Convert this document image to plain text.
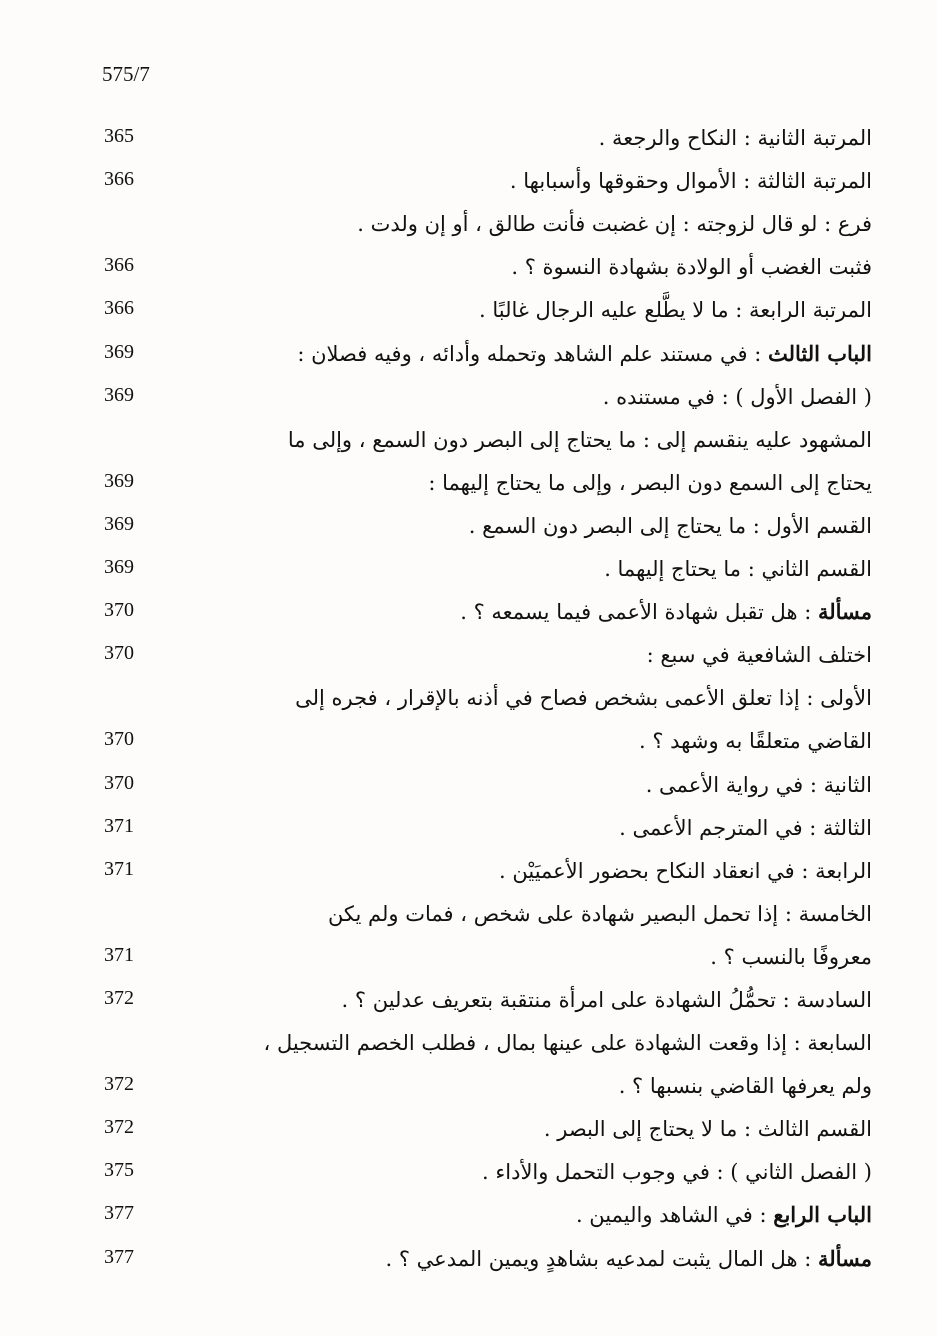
575/7
المرتبة الثانية : النكاح والرجعة .
365
المرتبة الثالثة : الأموال وحقوقها وأسبابها .
366
فرع : لو قال لزوجته : إن غضبت فأنت طالق ، أو إن ولدت .
فثبت الغضب أو الولادة بشهادة النسوة ؟ .
366
المرتبة الرابعة : ما لا يطَّلع عليه الرجال غالبًا .
366
الباب الثالث : في مستند علم الشاهد وتحمله وأدائه ، وفيه فصلان :
369
( الفصل الأول ) : في مستنده .
369
المشهود عليه ينقسم إلى : ما يحتاج إلى البصر دون السمع ، وإلى ما
يحتاج إلى السمع دون البصر ، وإلى ما يحتاج إليهما :
369
القسم الأول : ما يحتاج إلى البصر دون السمع .
369
القسم الثاني : ما يحتاج إليهما .
369
مسألة : هل تقبل شهادة الأعمى فيما يسمعه ؟ .
370
اختلف الشافعية في سبع :
370
الأولى : إذا تعلق الأعمى بشخص فصاح في أذنه بالإقرار ، فجره إلى
القاضي متعلقًا به وشهد ؟ .
370
الثانية : في رواية الأعمى .
370
الثالثة : في المترجم الأعمى .
371
الرابعة : في انعقاد النكاح بحضور الأعميَيْن .
371
الخامسة : إذا تحمل البصير شهادة على شخص ، فمات ولم يكن
معروفًا بالنسب ؟ .
371
السادسة : تحمُّلُ الشهادة على امرأة منتقبة بتعريف عدلين ؟ .
372
السابعة : إذا وقعت الشهادة على عينها بمال ، فطلب الخصم التسجيل ،
ولم يعرفها القاضي بنسبها ؟ .
372
القسم الثالث : ما لا يحتاج إلى البصر .
372
( الفصل الثاني ) : في وجوب التحمل والأداء .
375
الباب الرابع : في الشاهد واليمين .
377
مسألة : هل المال يثبت لمدعيه بشاهدٍ ويمين المدعي ؟ .
377
